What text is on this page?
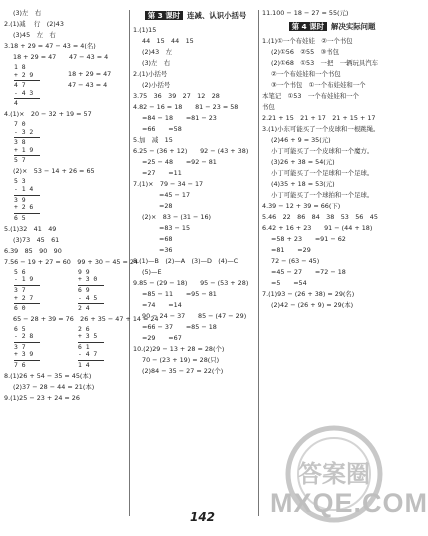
(3)左　右
2.(1)减　 行　(2)43
(3)45　左　右
3.18 + 29 = 47 − 43 = 4(名)
18 + 29 = 47　　47 − 43 = 4
1 8
+ 2 9
4 7
- 4 3
4
18 + 29 = 47
47 − 43 = 4
4.(1)×　20 − 32 + 19 = 57
7 0
- 3 2
3 8
+ 1 9
5 7
(2)×　53 − 14 + 26 = 65
5 3
- 1 4
3 9
+ 2 6
6 5
5.(1)32　41　49
(3)73　45　61
6.39　85　90　90
7.56 − 19 + 27 = 60　99 + 30 − 45 = 24
5 6
- 1 9
3 7
+ 2 7
6 0
9 9
+ 3 0
6 9
- 4 5
2 4
65 − 28 + 39 = 76　26 + 35 − 47 + 14 = 24
6 5
- 2 8
3 7
+ 3 9
7 6
2 6
+ 3 5
6 1
- 4 7
1 4
8.(1)26 + 54 − 35 = 45(本)
(2)37 − 28 − 44 = 21(本)
9.(1)25 − 23 + 24 = 26
第 3 课时 连减、认识小括号
1.(1)15
44　15　44　15
(2)43　左
(3)左　右
2.(1)小括号
(2)小括号
3.75　36　39　27　12　28
4.82 − 16 = 18　　81 − 23 = 58
=84 − 18　　=81 − 23
=66　　=58
5.加　减　15
6.25 − (36 + 12)　　92 − (43 + 38)
=25 − 48　　=92 − 81
=27　　=11
7.(1)×　79 − 34 − 17
=45 − 17
=28
(2)×　83 − (31 − 16)
=83 − 15
=68
=36
8.(1)—B　(2)—A　(3)—D　(4)—C
(5)—E
9.85 − (29 − 18)　　95 − (53 + 28)
=85 − 11　　=95 − 81
=74　　=14
90 − 24 − 37　　85 − (47 − 29)
=66 − 37　　=85 − 18
=29　　=67
10.(2)29 − 13 + 28 = 28(个)
70 − (23 + 19) = 28(只)
(2)84 − 35 − 27 = 22(个)
11.100 − 18 − 27 = 55(元)
第 4 课时 解决实际问题
1.(1)①一个布娃娃　②一个书包
(2)①56　②55　③书包
(2)①68　①53　一把　一辆玩具汽车
②一个布娃娃和一个书包
③一个书包　①一个布娃娃和一个
本笔记　①53　一个布娃娃和一个
书包
2.21 + 15　21 + 17　21 + 15 + 17
3.(1)小东可能买了一个皮球和一根跳绳。
(2)46 + 9 = 35(元)
小丁可能买了一个皮球和一个魔方。
(3)26 + 38 = 54(元)
小丁可能买了一个足球和一个足球。
(4)35 + 18 = 53(元)
小丁可能买了一个球拍和一个足球。
4.39 − 12 + 39 = 66(下)
5.46　22　86　84　38　53　56　45
6.42 + 16 + 23　　91 − (44 + 18)
=58 + 23　　=91 − 62
=81　　=29
72 − (63 − 45)
=45 − 27　　=72 − 18
=5　　=54
7.(1)93 − (26 + 38) = 29(名)
(2)42 − (26 + 9) = 29(本)
答案圈
MXQE.COM
142
